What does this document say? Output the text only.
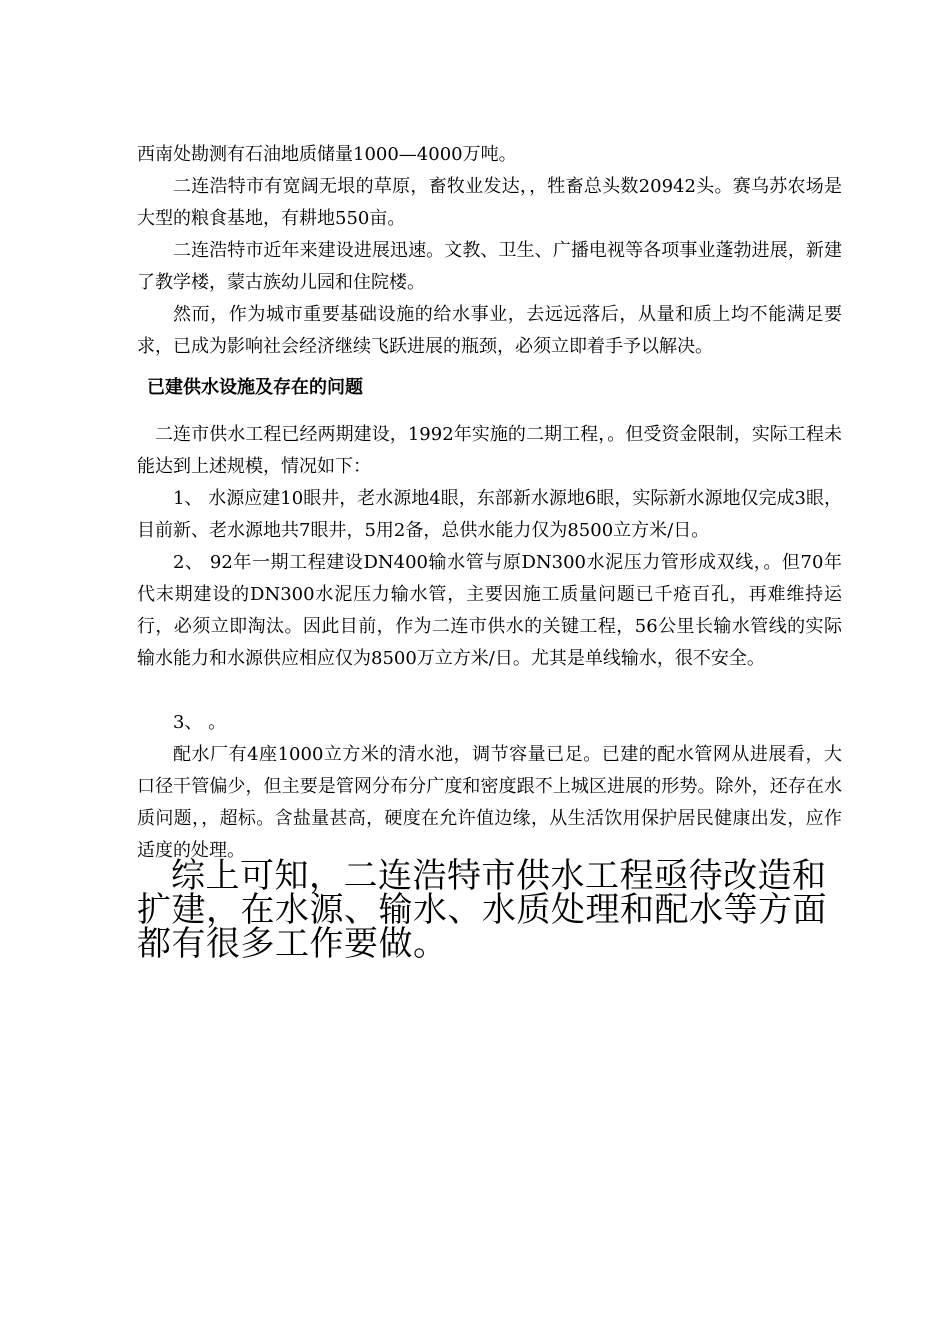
西南处勘测有石油地质储量1000—4000万吨。

二连浩特市有宽阔无垠的草原，畜牧业发达，，牲畜总头数20942头。赛乌苏农场是大型的粮食基地，有耕地550亩。

二连浩特市近年来建设进展迅速。文教、卫生、广播电视等各项事业蓬勃进展，新建了教学楼，蒙古族幼儿园和住院楼。

然而，作为城市重要基础设施的给水事业，去远远落后，从量和质上均不能满足要求，已成为影响社会经济继续飞跃进展的瓶颈，必须立即着手予以解决。

已建供水设施及存在的问题

二连市供水工程已经两期建设，1992年实施的二期工程，。但受资金限制，实际工程未能达到上述规模，情况如下：

1、 水源应建10眼井，老水源地4眼，东部新水源地6眼，实际新水源地仅完成3眼，目前新、老水源地共7眼井，5用2备，总供水能力仅为8500立方米/日。

2、 92年一期工程建设DN400输水管与原DN300水泥压力管形成双线，。但70年代末期建设的DN300水泥压力输水管，主要因施工质量问题已千疮百孔，再难维持运行，必须立即淘汰。因此目前，作为二连市供水的关键工程，56公里长输水管线的实际输水能力和水源供应相应仅为8500万立方米/日。尤其是单线输水，很不安全。

3、 。

配水厂有4座1000立方米的清水池，调节容量已足。已建的配水管网从进展看，大口径干管偏少，但主要是管网分布分广度和密度跟不上城区进展的形势。除外，还存在水质问题，，超标。含盐量甚高，硬度在允许值边缘，从生活饮用保护居民健康出发，应作适度的处理。

综上可知，二连浩特市供水工程亟待改造和扩建，在水源、输水、水质处理和配水等方面都有很多工作要做。
